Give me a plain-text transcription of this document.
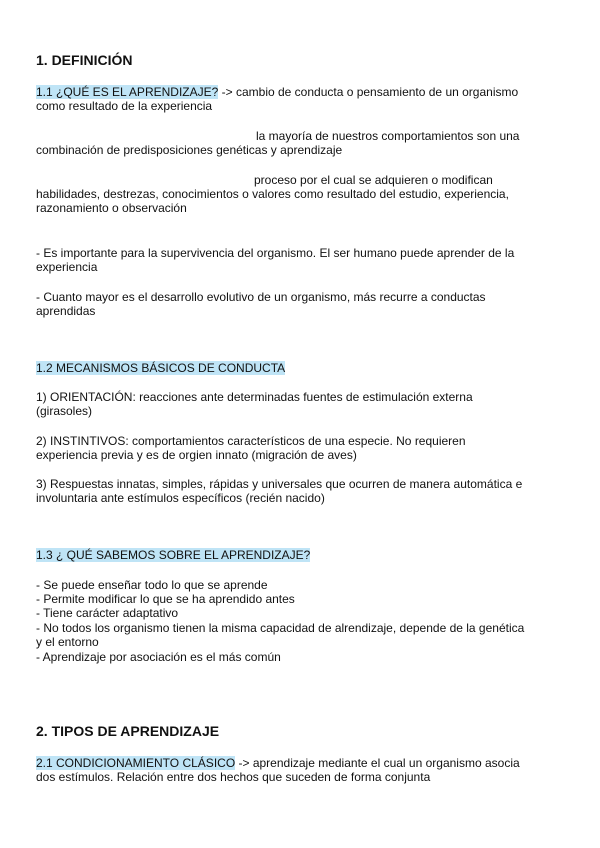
1. DEFINICIÓN
1.1 ¿QUÉ ES EL APRENDIZAJE? -> cambio de conducta o pensamiento de un organismo
como resultado de la experiencia
la mayoría de nuestros comportamientos son una
combinación de predisposiciones genéticas y aprendizaje
proceso por el cual se adquieren o modifican
habilidades, destrezas, conocimientos o valores como resultado del estudio, experiencia,
razonamiento o observación
- Es importante para la supervivencia del organismo. El ser humano puede aprender de la
experiencia
- Cuanto mayor es el desarrollo evolutivo de un organismo, más recurre a conductas
aprendidas
1.2 MECANISMOS BÁSICOS DE CONDUCTA
1) ORIENTACIÓN: reacciones ante determinadas fuentes de estimulación externa
(girasoles)
2) INSTINTIVOS: comportamientos característicos de una especie. No requieren
experiencia previa y es de orgien innato (migración de aves)
3) Respuestas innatas, simples, rápidas y universales que ocurren de manera automática e
involuntaria ante estímulos específicos (recién nacido)
1.3 ¿ QUÉ SABEMOS SOBRE EL APRENDIZAJE?
- Se puede enseñar todo lo que se aprende
- Permite modificar lo que se ha aprendido antes
- Tiene carácter adaptativo
- No todos los organismo tienen la misma capacidad de alrendizaje, depende de la genética
y el entorno
- Aprendizaje por asociación es el más común
2. TIPOS DE APRENDIZAJE
2.1 CONDICIONAMIENTO CLÁSICO -> aprendizaje mediante el cual un organismo asocia
dos estímulos. Relación entre dos hechos que suceden de forma conjunta
